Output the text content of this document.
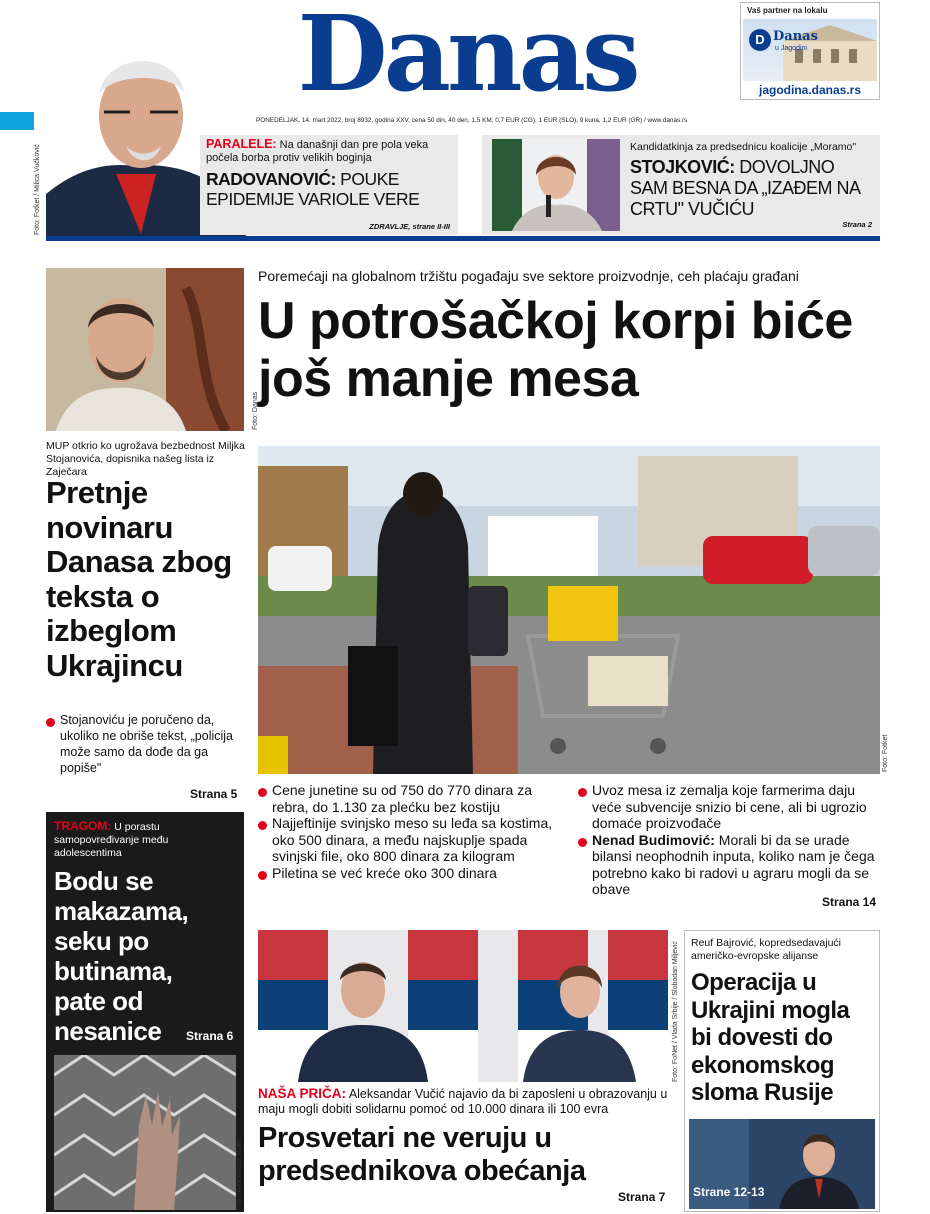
Danas
PONEDELJAK, 14. mart 2022, broj 8932, godina XXV, cena 50 din, 40 den, 1,5 KM, 0,7 EUR (CG), 1 EUR (SLO), 9 kuna, 1,2 EUR (GR) / www.danas.rs
Vaš partner na lokalu
D Danas
u Jagodini
jagodina.danas.rs
Foto: Fotket / Milica Vučković
PARALELE: Na današnji dan pre pola veka počela borba protiv velikih boginja
RADOVANOVIĆ: POUKE EPIDEMIJE VARIOLE VERE
ZDRAVLJE, strane II-III
Kandidatkinja za predsednicu koalicije „Moramo"
STOJKOVIĆ: DOVOLJNO SAM BESNA DA „IZAĐEM NA CRTU" VUČIĆU
Strana 2
Foto: Danas
MUP otkrio ko ugrožava bezbednost Miljka Stojanovića, dopisnika našeg lista iz Zaječara
Pretnje novinaru Danasa zbog teksta o izbeglom Ukrajincu
Stojanoviću je poručeno da, ukoliko ne obriše tekst, „policija može samo da dođe da ga popiše"
Strana 5
Poremećaji na globalnom tržištu pogađaju sve sektore proizvodnje, ceh plaćaju građani
U potrošačkoj korpi biće još manje mesa
Foto: Fotket
Cene junetine su od 750 do 770 dinara za rebra, do 1.130 za plećku bez kostiju
Najjeftinije svinjsko meso su leđa sa kostima, oko 500 dinara, a među najskuplje spada svinjski file, oko 800 dinara za kilogram
Piletina se već kreće oko 300 dinara
Uvoz mesa iz zemalja koje farmerima daju veće subvencije snizio bi cene, ali bi ugrozio domaće proizvođače
Nenad Budimović: Morali bi da se urade bilansi neophodnih inputa, koliko nam je čega potrebno kako bi radovi u agraru mogli da se obave
Strana 14
TRAGOM: U porastu samopovređivanje među adolescentima
Bodu se makazama, seku po butinama, pate od nesanice	Strana 6
Foto: Aleksandar Rakić
Foto: FoNet / Vlada Srbije / Slobodan Miljević
NAŠA PRIČA: Aleksandar Vučić najavio da bi zaposleni u obrazovanju u maju mogli dobiti solidarnu pomoć od 10.000 dinara ili 100 evra
Prosvetari ne veruju u predsednikova obećanja
Strana 7
Reuf Bajrović, kopredsedavajući američko-evropske alijanse
Operacija u Ukrajini mogla bi dovesti do ekonomskog sloma Rusije
Strane 12-13
